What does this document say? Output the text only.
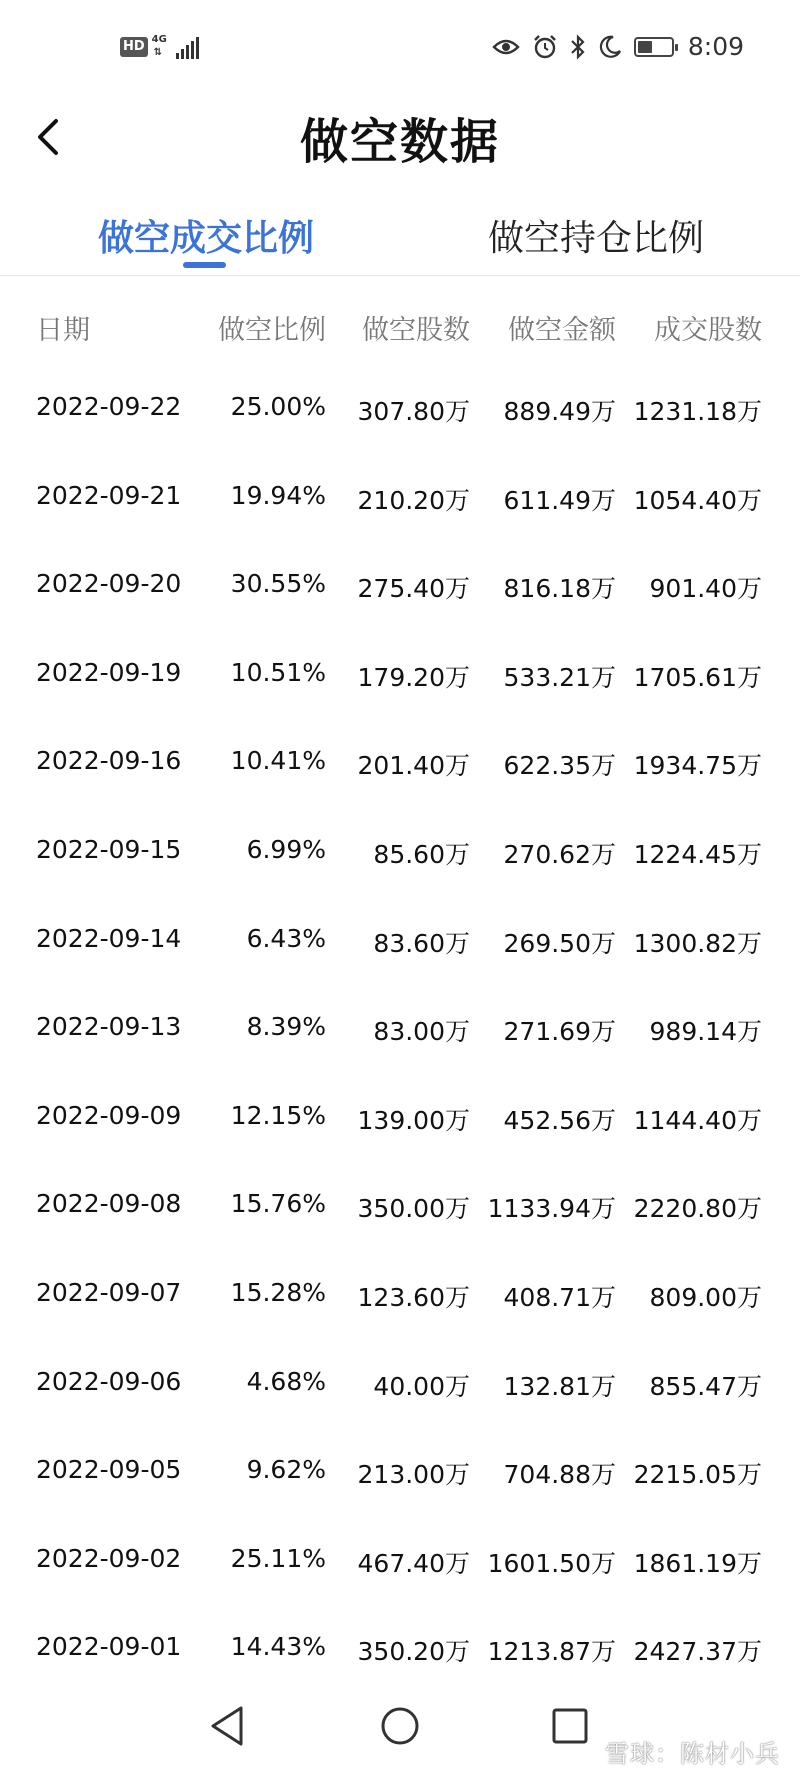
HD 4G
⇅	8:09
做空数据
做空成交比例	做空持仓比例
日期	做空比例 做空股数 做空金额 成交股数
2022-09-22 25.00% 307.80万 889.49万 1231.18万
2022-09-21 19.94% 210.20万 611.49万 1054.40万
2022-09-20 30.55% 275.40万 816.18万 901.40万
2022-09-19 10.51% 179.20万 533.21万 1705.61万
2022-09-16 10.41% 201.40万 622.35万 1934.75万
2022-09-15	6.99% 85.60万 270.62万 1224.45万
2022-09-14	6.43% 83.60万 269.50万 1300.82万
2022-09-13	8.39% 83.00万 271.69万 989.14万
2022-09-09 12.15% 139.00万 452.56万 1144.40万
2022-09-08 15.76% 350.00万 1133.94万 2220.80万
2022-09-07 15.28% 123.60万 408.71万 809.00万
2022-09-06	4.68% 40.00万 132.81万 855.47万
2022-09-05	9.62% 213.00万 704.88万 2215.05万
2022-09-02 25.11% 467.40万 1601.50万 1861.19万
2022-09-01 14.43% 350.20万 1213.87万 2427.37万
雪球：陈材小兵
